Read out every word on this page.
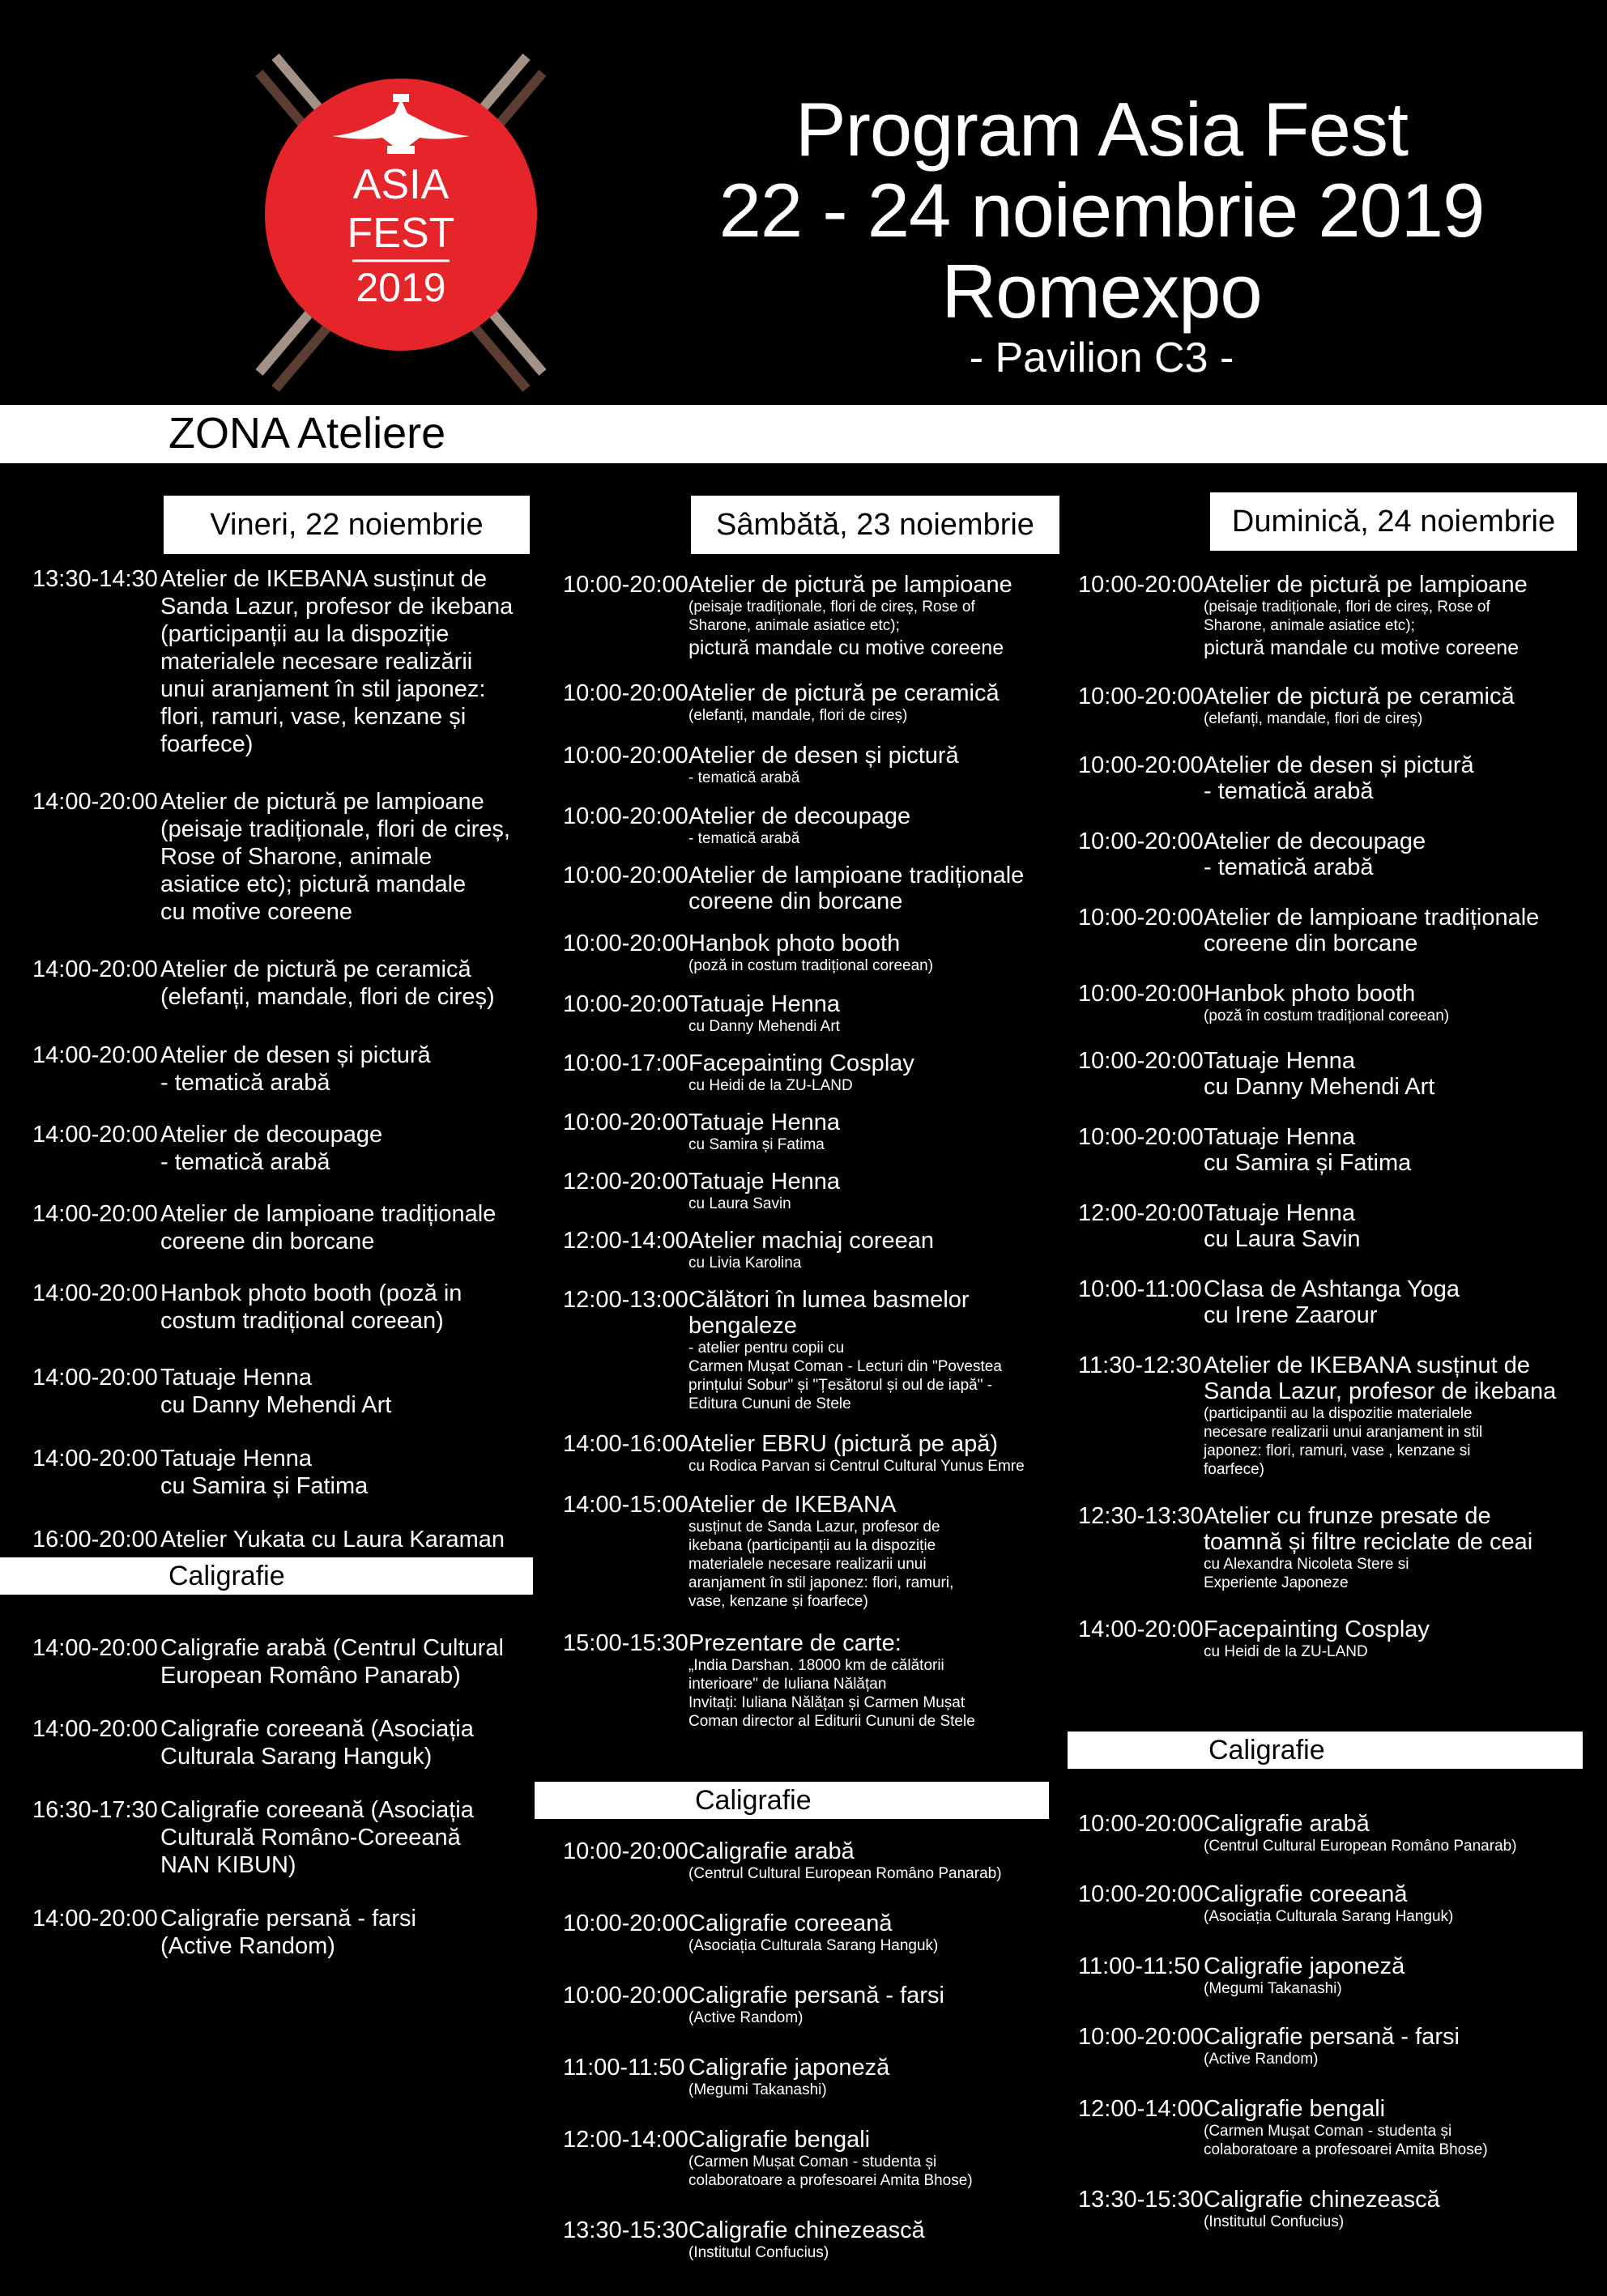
ASIA
FEST
2019
Program Asia Fest
22 - 24 noiembrie 2019
Romexpo
- Pavilion C3 -
ZONA Ateliere
Vineri, 22 noiembrie	Sâmbătă, 23 noiembrie	Duminică, 24 noiembrie
13:30-14:30 Atelier de IKEBANA susținut de
Sanda Lazur, profesor de ikebana
(participanții au la dispoziție
materialele necesare realizării
unui aranjament în stil japonez:
flori, ramuri, vase, kenzane și
foarfece)
14:00-20:00 Atelier de pictură pe lampioane
(peisaje tradiționale, flori de cireș,
Rose of Sharone, animale
asiatice etc); pictură mandale
cu motive coreene
14:00-20:00 Atelier de pictură pe ceramică
(elefanți, mandale, flori de cireș)
14:00-20:00 Atelier de desen și pictură
- tematică arabă
14:00-20:00 Atelier de decoupage
- tematică arabă
14:00-20:00 Atelier de lampioane tradiționale
coreene din borcane
14:00-20:00 Hanbok photo booth (poză in
costum tradițional coreean)
14:00-20:00 Tatuaje Henna
cu Danny Mehendi Art
14:00-20:00 Tatuaje Henna
cu Samira și Fatima
16:00-20:00 Atelier Yukata cu Laura Karaman
14:00-20:00 Caligrafie arabă (Centrul Cultural
European Româno Panarab)
14:00-20:00 Caligrafie coreeană (Asociația
Culturala Sarang Hanguk)
16:30-17:30 Caligrafie coreeană (Asociația
Culturală Româno-Coreeană
NAN KIBUN)
14:00-20:00 Caligrafie persană - farsi
(Active Random)
10:00-20:00 Atelier de pictură pe lampioane
(peisaje tradiționale, flori de cireș, Rose of
Sharone, animale asiatice etc);
pictură mandale cu motive coreene
10:00-20:00 Atelier de pictură pe ceramică
(elefanți, mandale, flori de cireș)
10:00-20:00 Atelier de desen și pictură
- tematică arabă
10:00-20:00 Atelier de decoupage
- tematică arabă
10:00-20:00 Atelier de lampioane tradiționale
coreene din borcane
10:00-20:00 Hanbok photo booth
(poză in costum tradițional coreean)
10:00-20:00 Tatuaje Henna
cu Danny Mehendi Art
10:00-17:00 Facepainting Cosplay
cu Heidi de la ZU-LAND
10:00-20:00 Tatuaje Henna
cu Samira și Fatima
12:00-20:00 Tatuaje Henna
cu Laura Savin
12:00-14:00 Atelier machiaj coreean
cu Livia Karolina
12:00-13:00 Călători în lumea basmelor
bengaleze
- atelier pentru copii cu
Carmen Mușat Coman - Lecturi din "Povestea
prințului Sobur" și "Țesătorul și oul de iapă" -
Editura Cununi de Stele
14:00-16:00 Atelier EBRU (pictură pe apă)
cu Rodica Parvan si Centrul Cultural Yunus Emre
14:00-15:00 Atelier de IKEBANA
susținut de Sanda Lazur, profesor de
ikebana (participanții au la dispoziție
materialele necesare realizarii unui
aranjament în stil japonez: flori, ramuri,
vase, kenzane și foarfece)
15:00-15:30 Prezentare de carte:
„India Darshan. 18000 km de călătorii
interioare" de Iuliana Nălățan
Invitați: Iuliana Nălățan și Carmen Mușat
Coman director al Editurii Cununi de Stele
10:00-20:00 Caligrafie arabă
(Centrul Cultural European Româno Panarab)
10:00-20:00 Caligrafie coreeană
(Asociația Culturala Sarang Hanguk)
10:00-20:00 Caligrafie persană - farsi
(Active Random)
11:00-11:50 Caligrafie japoneză
(Megumi Takanashi)
12:00-14:00 Caligrafie bengali
(Carmen Mușat Coman - studenta și
colaboratoare a profesoarei Amita Bhose)
13:30-15:30 Caligrafie chinezească
(Institutul Confucius)
10:00-20:00 Atelier de pictură pe lampioane
(peisaje tradiționale, flori de cireș, Rose of
Sharone, animale asiatice etc);
pictură mandale cu motive coreene
10:00-20:00 Atelier de pictură pe ceramică
(elefanți, mandale, flori de cireș)
10:00-20:00 Atelier de desen și pictură
- tematică arabă
10:00-20:00 Atelier de decoupage
- tematică arabă
10:00-20:00 Atelier de lampioane tradiționale
coreene din borcane
10:00-20:00 Hanbok photo booth
(poză în costum tradițional coreean)
10:00-20:00 Tatuaje Henna
cu Danny Mehendi Art
10:00-20:00 Tatuaje Henna
cu Samira și Fatima
12:00-20:00 Tatuaje Henna
cu Laura Savin
10:00-11:00 Clasa de Ashtanga Yoga
cu Irene Zaarour
11:30-12:30 Atelier de IKEBANA susținut de
Sanda Lazur, profesor de ikebana
(participantii au la dispozitie materialele
necesare realizarii unui aranjament in stil
japonez: flori, ramuri, vase , kenzane si
foarfece)
12:30-13:30 Atelier cu frunze presate de
toamnă și filtre reciclate de ceai
cu Alexandra Nicoleta Stere si
Experiente Japoneze
14:00-20:00 Facepainting Cosplay
cu Heidi de la ZU-LAND
10:00-20:00 Caligrafie arabă
(Centrul Cultural European Româno Panarab)
10:00-20:00 Caligrafie coreeană
(Asociația Culturala Sarang Hanguk)
11:00-11:50 Caligrafie japoneză
(Megumi Takanashi)
10:00-20:00 Caligrafie persană - farsi
(Active Random)
12:00-14:00 Caligrafie bengali
(Carmen Mușat Coman - studenta și
colaboratoare a profesoarei Amita Bhose)
13:30-15:30 Caligrafie chinezească
(Institutul Confucius)
Caligrafie
Caligrafie
Caligrafie
